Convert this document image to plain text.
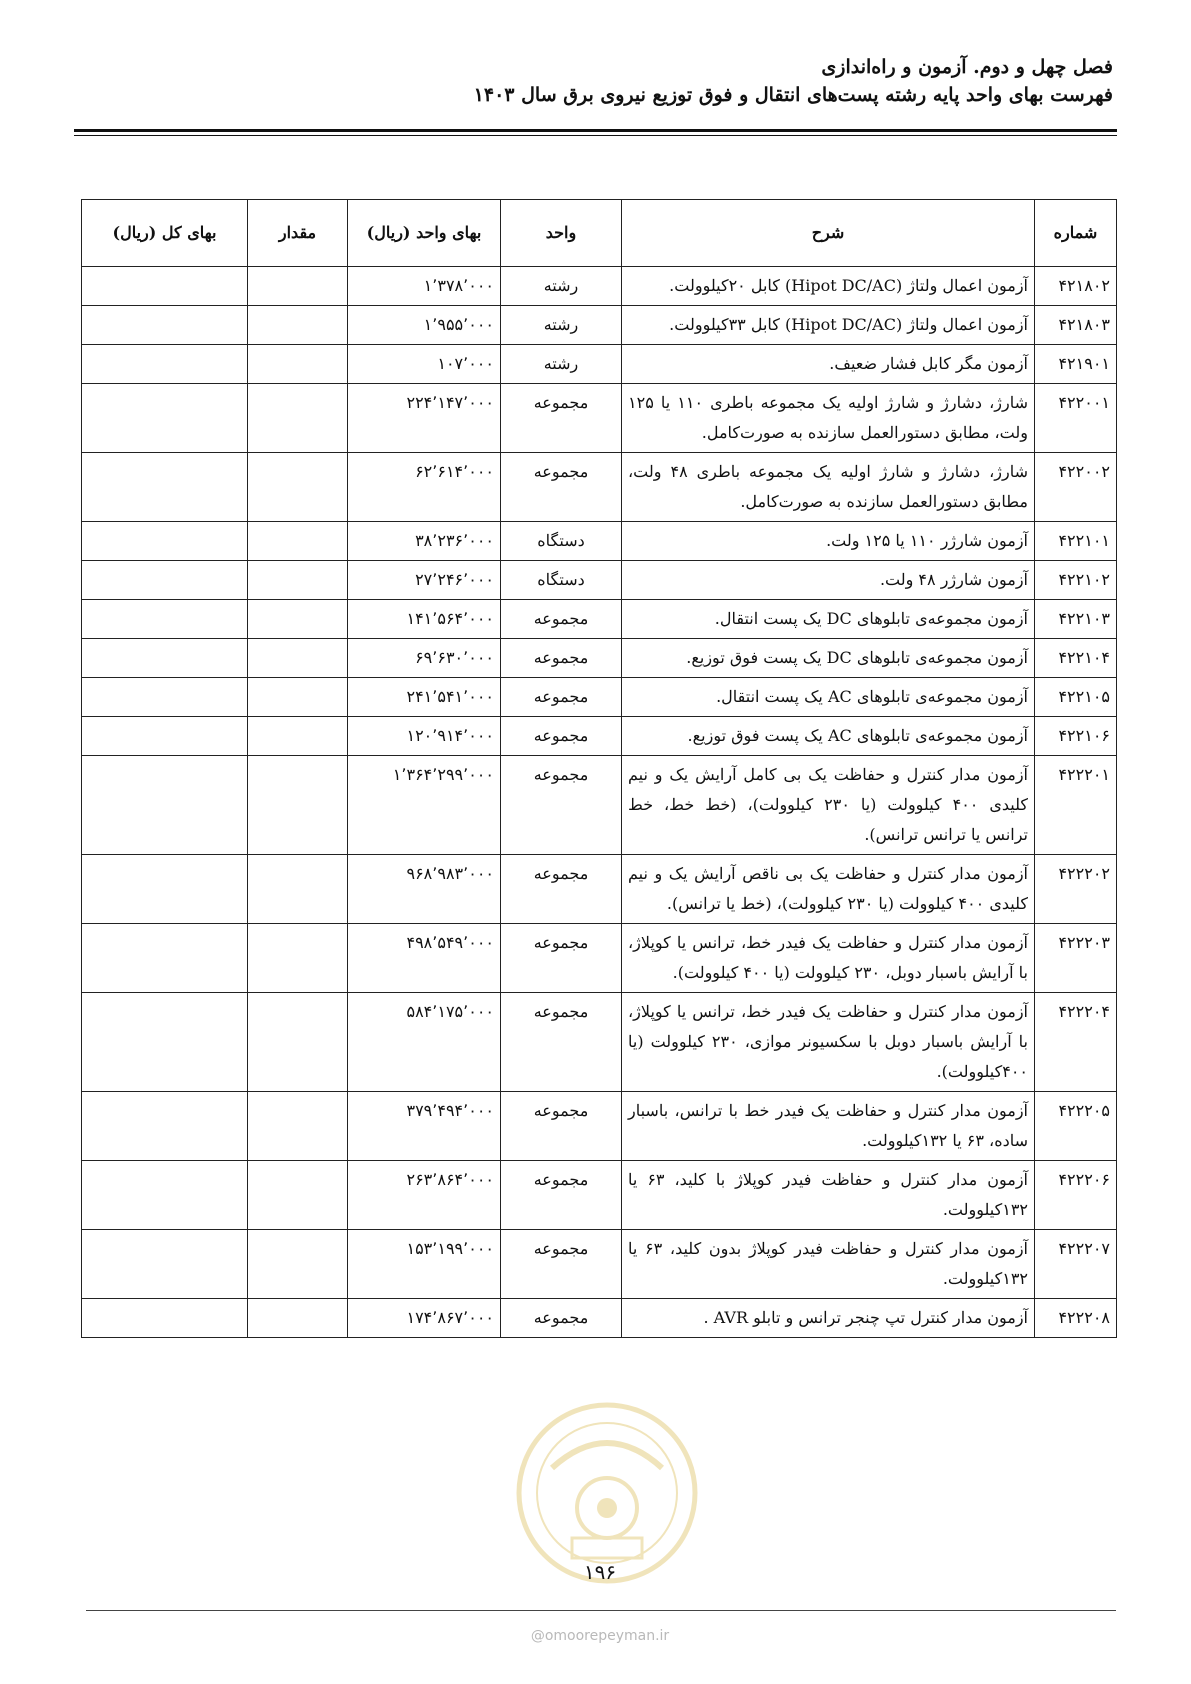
فصل چهل و دوم. آزمون و راه‌اندازی
فهرست بهای واحد پایه رشته پست‌های انتقال و فوق توزیع نیروی برق سال ۱۴۰۳
شماره	شرح	واحد	بهای واحد (ریال)	مقدار	بهای کل (ریال)
۴۲۱۸۰۲	آزمون اعمال ولتاژ (Hipot DC/AC) کابل ۲۰کیلوولت.	رشته	۱٬۳۷۸٬۰۰۰		
۴۲۱۸۰۳	آزمون اعمال ولتاژ (Hipot DC/AC) کابل ۳۳کیلوولت.	رشته	۱٬۹۵۵٬۰۰۰		
۴۲۱۹۰۱	آزمون مگر کابل فشار ضعیف.	رشته	۱۰۷٬۰۰۰		
۴۲۲۰۰۱	شارژ، دشارژ و شارژ اولیه یک مجموعه باطری ۱۱۰ یا ۱۲۵ ولت، مطابق دستورالعمل سازنده به صورت‌کامل.	مجموعه	۲۲۴٬۱۴۷٬۰۰۰		
۴۲۲۰۰۲	شارژ، دشارژ و شارژ اولیه یک مجموعه باطری ۴۸ ولت، مطابق دستورالعمل سازنده به صورت‌کامل.	مجموعه	۶۲٬۶۱۴٬۰۰۰		
۴۲۲۱۰۱	آزمون شارژر ۱۱۰ یا ۱۲۵ ولت.	دستگاه	۳۸٬۲۳۶٬۰۰۰		
۴۲۲۱۰۲	آزمون شارژر ۴۸ ولت.	دستگاه	۲۷٬۲۴۶٬۰۰۰		
۴۲۲۱۰۳	آزمون مجموعه‌ی تابلوهای DC یک پست انتقال.	مجموعه	۱۴۱٬۵۶۴٬۰۰۰		
۴۲۲۱۰۴	آزمون مجموعه‌ی تابلوهای DC یک پست فوق توزیع.	مجموعه	۶۹٬۶۳۰٬۰۰۰		
۴۲۲۱۰۵	آزمون مجموعه‌ی تابلوهای AC یک پست انتقال.	مجموعه	۲۴۱٬۵۴۱٬۰۰۰		
۴۲۲۱۰۶	آزمون مجموعه‌ی تابلوهای AC یک پست فوق توزیع.	مجموعه	۱۲۰٬۹۱۴٬۰۰۰		
۴۲۲۲۰۱	آزمون مدار کنترل و حفاظت یک بی کامل آرایش یک و نیم کلیدی ۴۰۰ کیلوولت (یا ۲۳۰ کیلوولت)، (خط خط، خط ترانس یا ترانس ترانس).	مجموعه	۱٬۳۶۴٬۲۹۹٬۰۰۰		
۴۲۲۲۰۲	آزمون مدار کنترل و حفاظت یک بی ناقص آرایش یک و نیم کلیدی ۴۰۰ کیلوولت (یا ۲۳۰ کیلوولت)، (خط یا ترانس).	مجموعه	۹۶۸٬۹۸۳٬۰۰۰		
۴۲۲۲۰۳	آزمون مدار کنترل و حفاظت یک فیدر خط، ترانس یا کوپلاژ، با آرایش باسبار دوبل، ۲۳۰ کیلوولت (یا ۴۰۰ کیلوولت).	مجموعه	۴۹۸٬۵۴۹٬۰۰۰		
۴۲۲۲۰۴	آزمون مدار کنترل و حفاظت یک فیدر خط، ترانس یا کوپلاژ، با آرایش باسبار دوبل با سکسیونر موازی، ۲۳۰ کیلوولت (یا ۴۰۰کیلوولت).	مجموعه	۵۸۴٬۱۷۵٬۰۰۰		
۴۲۲۲۰۵	آزمون مدار کنترل و حفاظت یک فیدر خط با ترانس، باسبار ساده، ۶۳ یا ۱۳۲کیلوولت.	مجموعه	۳۷۹٬۴۹۴٬۰۰۰		
۴۲۲۲۰۶	آزمون مدار کنترل و حفاظت فیدر کوپلاژ با کلید، ۶۳ یا ۱۳۲کیلوولت.	مجموعه	۲۶۳٬۸۶۴٬۰۰۰		
۴۲۲۲۰۷	آزمون مدار کنترل و حفاظت فیدر کوپلاژ بدون کلید، ۶۳ یا ۱۳۲کیلوولت.	مجموعه	۱۵۳٬۱۹۹٬۰۰۰		
۴۲۲۲۰۸	آزمون مدار کنترل تپ چنجر ترانس و تابلو AVR .	مجموعه	۱۷۴٬۸۶۷٬۰۰۰		
۱۹۶
@omoorepeyman.ir
